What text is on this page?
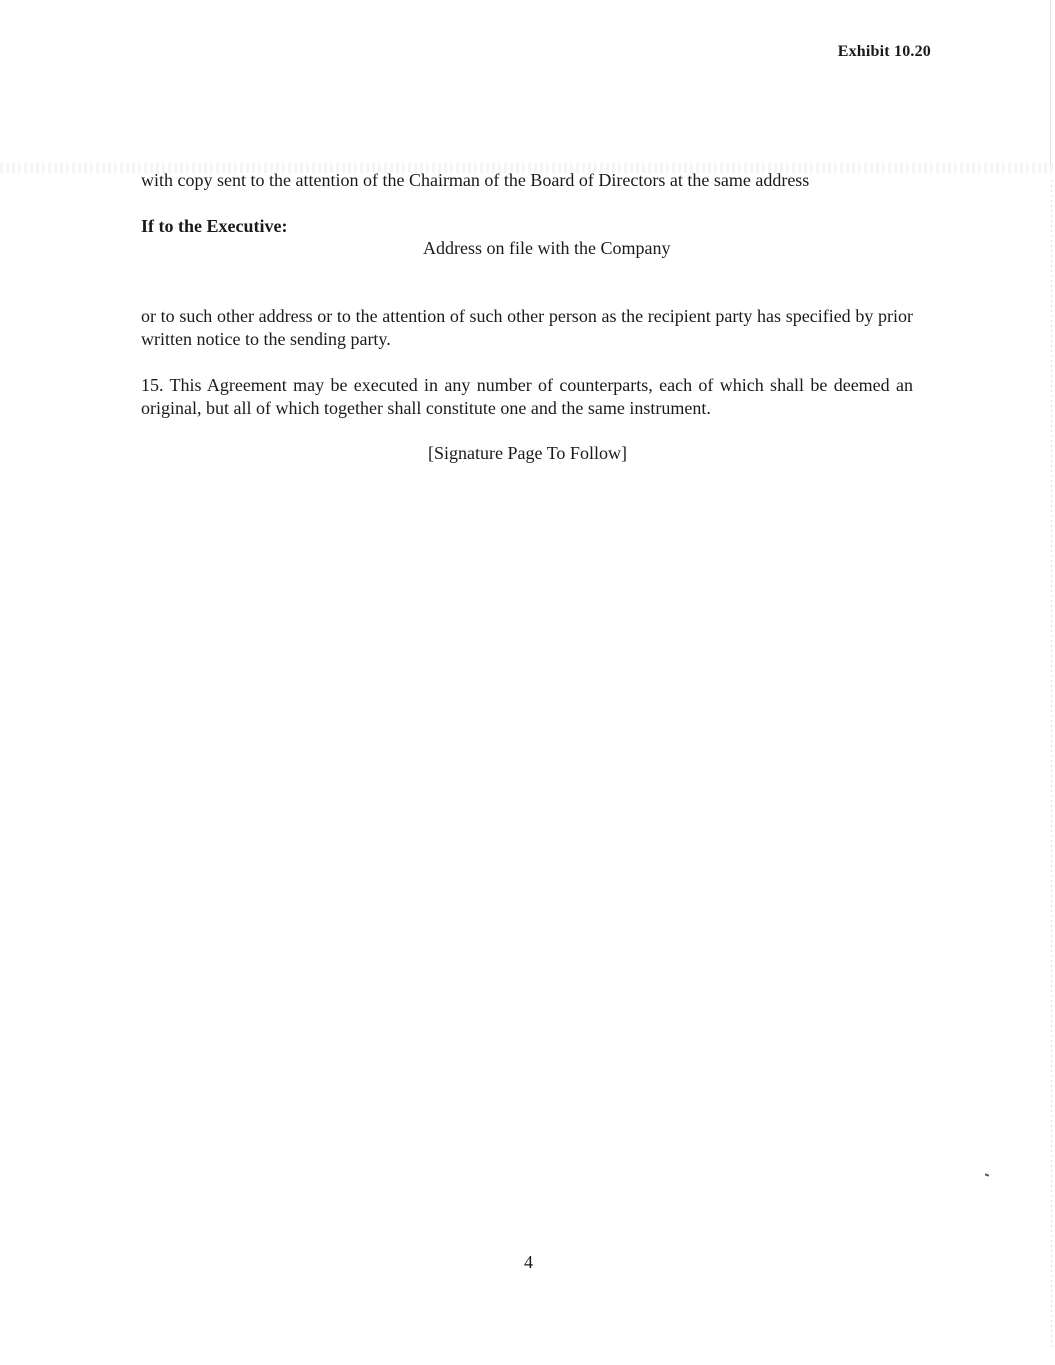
Exhibit 10.20
with copy sent to the attention of the Chairman of the Board of Directors at the same address
If to the Executive:
Address on file with the Company
or to such other address or to the attention of such other person as the recipient party has specified by prior written notice to the sending party.
15. This Agreement may be executed in any number of counterparts, each of which shall be deemed an original, but all of which together shall constitute one and the same instrument.
[Signature Page To Follow]
4
